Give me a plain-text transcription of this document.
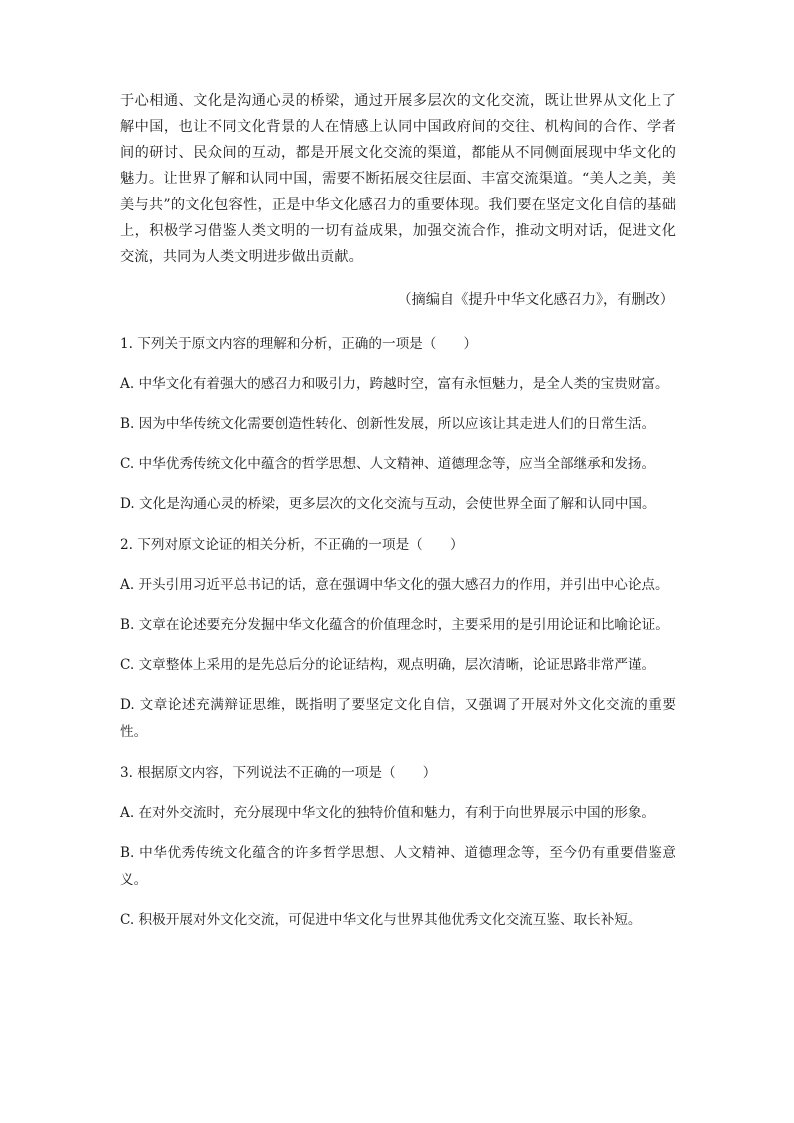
于心相通、文化是沟通心灵的桥梁，通过开展多层次的文化交流，既让世界从文化上了解中国，也让不同文化背景的人在情感上认同中国政府间的交往、机构间的合作、学者间的研讨、民众间的互动，都是开展文化交流的渠道，都能从不同侧面展现中华文化的魅力。让世界了解和认同中国，需要不断拓展交往层面、丰富交流渠道。“美人之美，美美与共”的文化包容性，正是中华文化感召力的重要体现。我们要在坚定文化自信的基础上，积极学习借鉴人类文明的一切有益成果，加强交流合作，推动文明对话，促进文化交流，共同为人类文明进步做出贡献。

（摘编自《提升中华文化感召力》，有删改）

1. 下列关于原文内容的理解和分析，正确的一项是（　　）

A. 中华文化有着强大的感召力和吸引力，跨越时空，富有永恒魅力，是全人类的宝贵财富。

B. 因为中华传统文化需要创造性转化、创新性发展，所以应该让其走进人们的日常生活。

C. 中华优秀传统文化中蕴含的哲学思想、人文精神、道德理念等，应当全部继承和发扬。

D. 文化是沟通心灵的桥梁，更多层次的文化交流与互动，会使世界全面了解和认同中国。

2. 下列对原文论证的相关分析，不正确的一项是（　　）

A. 开头引用习近平总书记的话，意在强调中华文化的强大感召力的作用，并引出中心论点。

B. 文章在论述要充分发掘中华文化蕴含的价值理念时，主要采用的是引用论证和比喻论证。

C. 文章整体上采用的是先总后分的论证结构，观点明确，层次清晰，论证思路非常严谨。

D. 文章论述充满辩证思维，既指明了要坚定文化自信，又强调了开展对外文化交流的重要性。

3. 根据原文内容，下列说法不正确的一项是（　　）

A. 在对外交流时，充分展现中华文化的独特价值和魅力，有利于向世界展示中国的形象。

B. 中华优秀传统文化蕴含的许多哲学思想、人文精神、道德理念等，至今仍有重要借鉴意义。

C. 积极开展对外文化交流，可促进中华文化与世界其他优秀文化交流互鉴、取长补短。
